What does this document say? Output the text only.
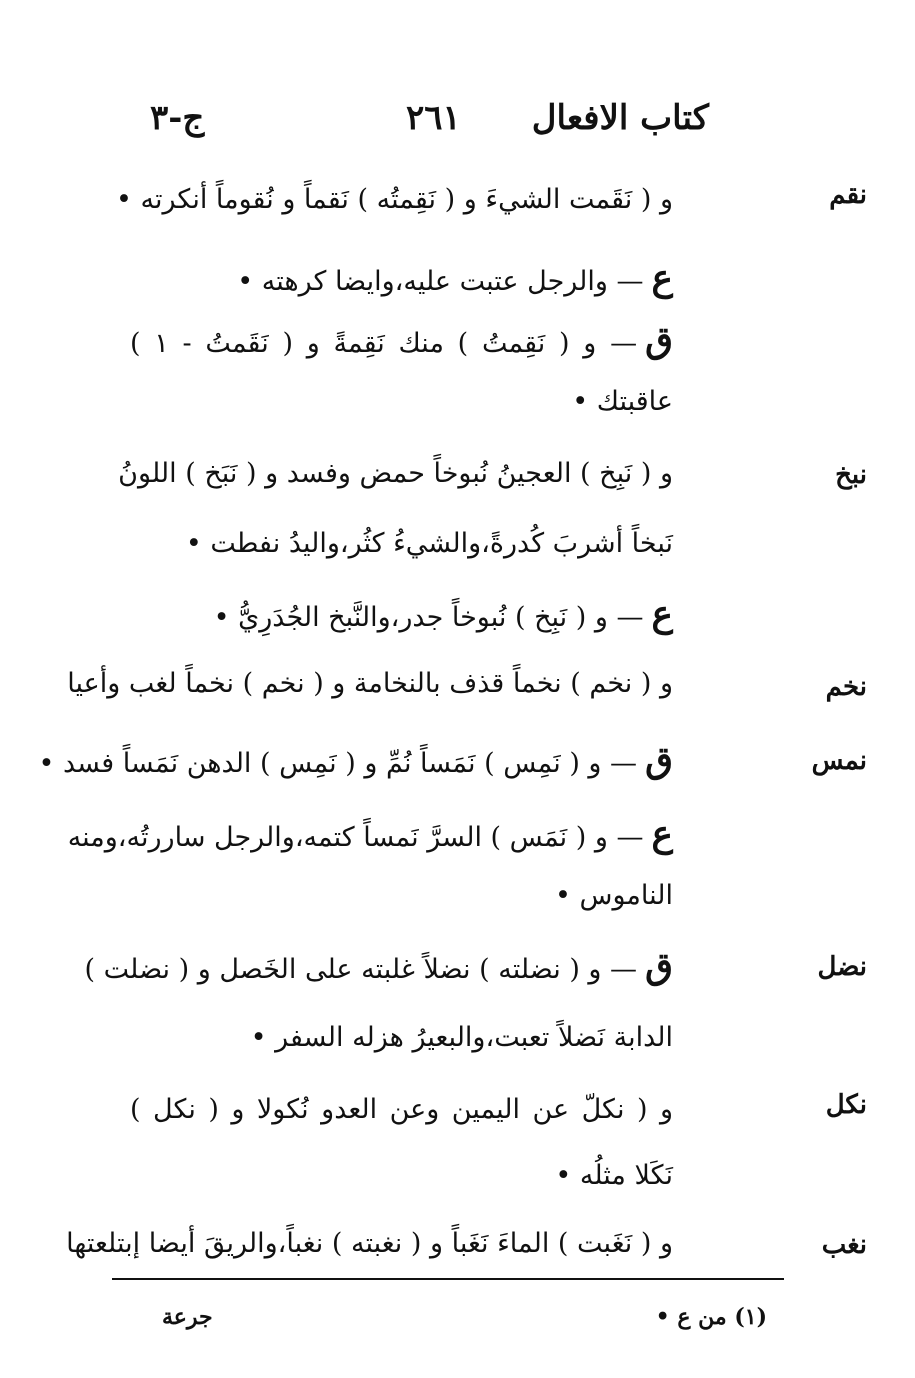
كتاب الافعال
٢٦١
ج-٣
نقم
و ( نَقَمت الشيءَ و ( نَقِمتُه ) نَقماً و نُقوماً أنكرته •
ع— والرجل عتبت عليه،وايضا كرهته •
ق— و ( نَقِمتُ ) منك نَقِمةً و ( نَقَمتُ - ١ )
عاقبتك •
نبخ
و ( نَبِخ ) العجينُ نُبوخاً حمض وفسد و ( نَبَخ ) اللونُ
نَبخاً أشربَ كُدرةً،والشيءُ كثُر،واليدُ نفطت •
ع— و ( نَبِخ ) نُبوخاً جدر،والنَّبخ الجُدَرِيُّ •
نخم
و ( نخم ) نخماً قذف بالنخامة و ( نخم ) نخماً لغب وأعيا
نمس
ق— و ( نَمِس ) نَمَساً نُمِّ و ( نَمِس ) الدهن نَمَساً فسد •
ع— و ( نَمَس ) السرَّ نَمساً كتمه،والرجل ساررتُه،ومنه
الناموس •
نضل
ق— و ( نضلته ) نضلاً غلبته على الخَصل و ( نضلت )
الدابة نَضلاً تعبت،والبعيرُ هزله السفر •
نكل
و ( نكلّ عن اليمين وعن العدو نُكولا و ( نكل )
نَكَلا مثلُه •
نغب
و ( نَغَبت ) الماءَ نَغَباً و ( نغبته ) نغباً،والريقَ أيضا إبتلعتها
(١) من ع •
جرعة
